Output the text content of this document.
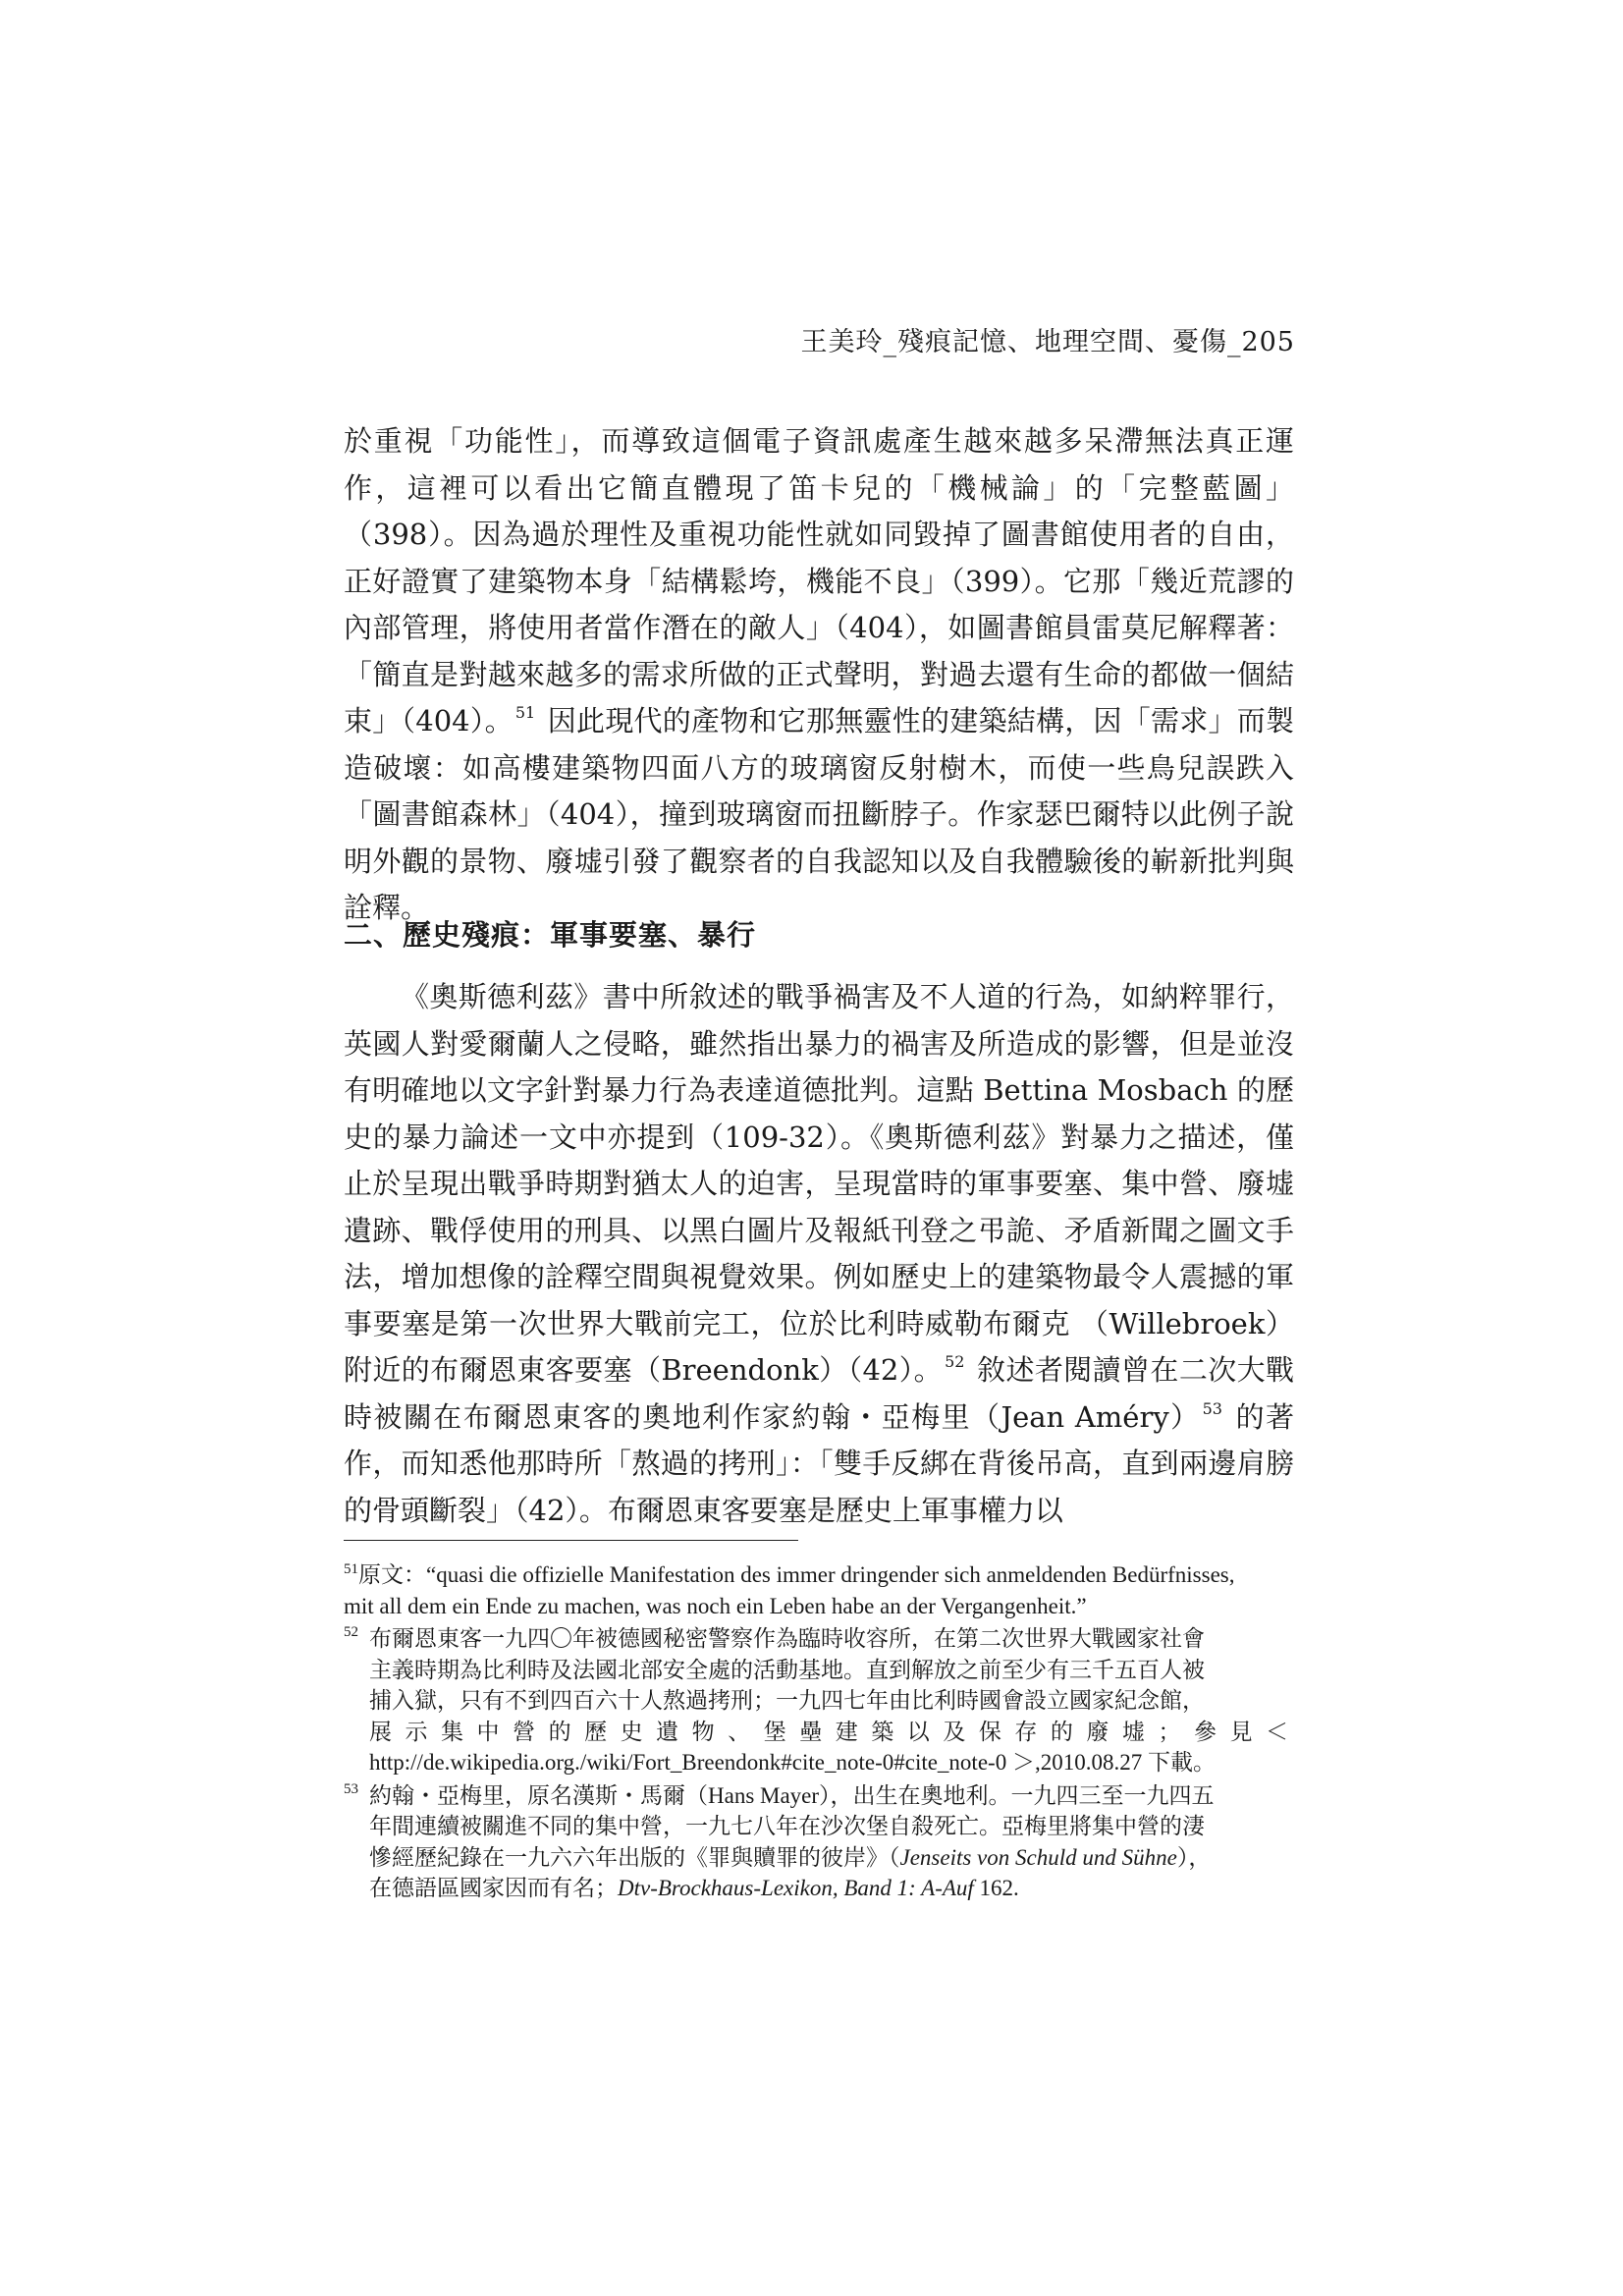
王美玲_殘痕記憶、地理空間、憂傷_205

於重視「功能性」，而導致這個電子資訊處產生越來越多呆滯無法真正運作，這裡可以看出它簡直體現了笛卡兒的「機械論」的「完整藍圖」（398）。因為過於理性及重視功能性就如同毀掉了圖書館使用者的自由，正好證實了建築物本身「結構鬆垮，機能不良」（399）。它那「幾近荒謬的內部管理，將使用者當作潛在的敵人」（404），如圖書館員雷莫尼解釋著：「簡直是對越來越多的需求所做的正式聲明，對過去還有生命的都做一個結束」（404）。 $^{51}$ 因此現代的產物和它那無靈性的建築結構，因「需求」而製造破壞：如高樓建築物四面八方的玻璃窗反射樹木，而使一些鳥兒誤跌入「圖書館森林」（404），撞到玻璃窗而扭斷脖子。作家瑟巴爾特以此例子說明外觀的景物、廢墟引發了觀察者的自我認知以及自我體驗後的嶄新批判與詮釋。

二、歷史殘痕：軍事要塞、暴行

《奧斯德利茲》書中所敘述的戰爭禍害及不人道的行為，如納粹罪行，英國人對愛爾蘭人之侵略，雖然指出暴力的禍害及所造成的影響，但是並沒有明確地以文字針對暴力行為表達道德批判。這點 Bettina Mosbach 的歷史的暴力論述一文中亦提到（109-32）。《奧斯德利茲》對暴力之描述，僅止於呈現出戰爭時期對猶太人的迫害，呈現當時的軍事要塞、集中營、廢墟遺跡、戰俘使用的刑具、以黑白圖片及報紙刊登之弔詭、矛盾新聞之圖文手法，增加想像的詮釋空間與視覺效果。例如歷史上的建築物最令人震撼的軍事要塞是第一次世界大戰前完工，位於比利時威勒布爾克 （Willebroek）附近的布爾恩東客要塞（Breendonk）（42）。 $^{52}$ 敘述者閱讀曾在二次大戰時被關在布爾恩東客的奧地利作家約翰・亞梅里（Jean Améry） $^{53}$ 的著作，而知悉他那時所「熬過的拷刑」：「雙手反綁在背後吊高，直到兩邊肩膀的骨頭斷裂」（42）。布爾恩東客要塞是歷史上軍事權力以

$^{51}$原文：“quasi die offizielle Manifestation des immer dringender sich anmeldenden Bedürfnisses,
mit all dem ein Ende zu machen, was noch ein Leben habe an der Vergangenheit.”
52 布爾恩東客一九四〇年被德國秘密警察作為臨時收容所，在第二次世界大戰國家社會
主義時期為比利時及法國北部安全處的活動基地。直到解放之前至少有三千五百人被
捕入獄，只有不到四百六十人熬過拷刑；一九四七年由比利時國會設立國家紀念館，
展示集中營的歷史遺物、堡壘建築以及保存的廢墟；參見＜
http://de.wikipedia.org./wiki/Fort_Breendonk#cite_note-0#cite_note-0 ＞,2010.08.27 下載。
53 約翰・亞梅里，原名漢斯・馬爾（Hans Mayer），出生在奧地利。一九四三至一九四五
年間連續被關進不同的集中營，一九七八年在沙次堡自殺死亡。亞梅里將集中營的淒
慘經歷紀錄在一九六六年出版的《罪與贖罪的彼岸》（Jenseits von Schuld und Sühne），
在德語區國家因而有名；Dtv-Brockhaus-Lexikon, Band 1: A-Auf 162.
